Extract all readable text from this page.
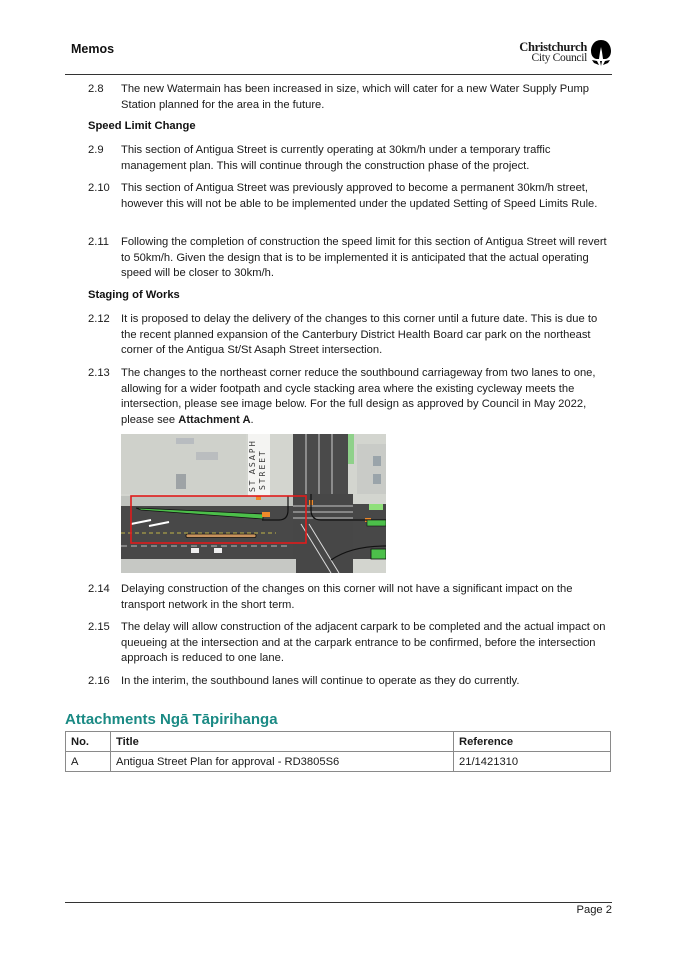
Memos	Christchurch
City Council
2.8 The new Watermain has been increased in size, which will cater for a new Water Supply Pump Station planned for the area in the future.
Speed Limit Change
2.9 This section of Antigua Street is currently operating at 30km/h under a temporary traffic management plan. This will continue through the construction phase of the project.
2.10 This section of Antigua Street was previously approved to become a permanent 30km/h street, however this will not be able to be implemented under the updated Setting of Speed Limits Rule.
2.11 Following the completion of construction the speed limit for this section of Antigua Street will revert to 50km/h. Given the design that is to be implemented it is anticipated that the actual operating speed will be closer to 30km/h.
Staging of Works
2.12 It is proposed to delay the delivery of the changes to this corner until a future date. This is due to the recent planned expansion of the Canterbury District Health Board car park on the northeast corner of the Antigua St/St Asaph Street intersection.
2.13 The changes to the northeast corner reduce the southbound carriageway from two lanes to one, allowing for a wider footpath and cycle stacking area where the existing cycleway meets the intersection, please see image below. For the full design as approved by Council in May 2022, please see Attachment A.
ST ASAPH STREET
2.14 Delaying construction of the changes on this corner will not have a significant impact on the transport network in the short term.
2.15 The delay will allow construction of the adjacent carpark to be completed and the actual impact on queueing at the intersection and at the carpark entrance to be confirmed, before the intersection approach is reduced to one lane.
2.16 In the interim, the southbound lanes will continue to operate as they do currently.
Attachments Ngā Tāpirihanga
No.	Title	Reference
A	Antigua Street Plan for approval - RD3805S6	21/1421310
Page 2
